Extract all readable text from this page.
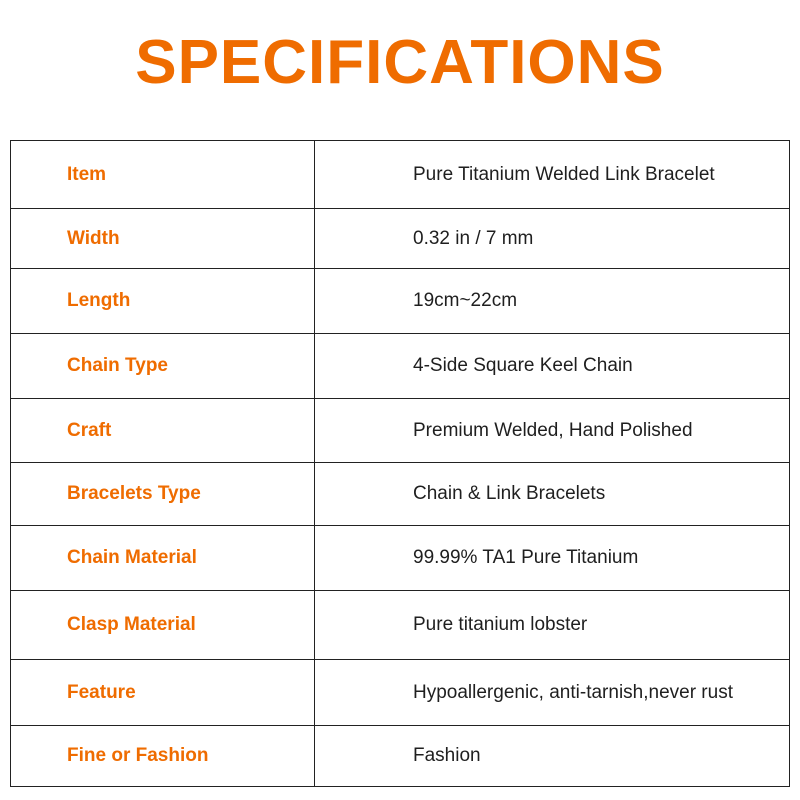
SPECIFICATIONS
Item	Pure Titanium Welded Link Bracelet
Width	0.32 in / 7 mm
Length	19cm~22cm
Chain Type	4-Side Square Keel Chain
Craft	Premium Welded, Hand Polished
Bracelets Type	Chain & Link Bracelets
Chain Material	99.99% TA1 Pure Titanium
Clasp Material	Pure titanium lobster
Feature	Hypoallergenic, anti-tarnish,never rust
Fine or Fashion	Fashion
